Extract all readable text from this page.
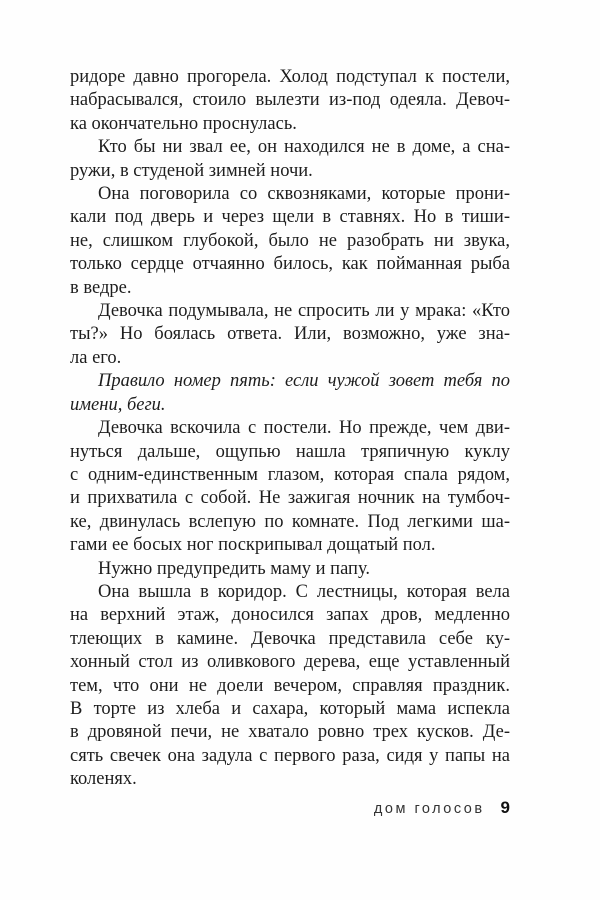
ридоре давно прогорела. Холод подступал к постели,
набрасывался, стоило вылезти из-под одеяла. Девоч-
ка окончательно проснулась.
Кто бы ни звал ее, он находился не в доме, а сна-
ружи, в студеной зимней ночи.
Она поговорила со сквозняками, которые прони-
кали под дверь и через щели в ставнях. Но в тиши-
не, слишком глубокой, было не разобрать ни звука,
только сердце отчаянно билось, как пойманная рыба
в ведре.
Девочка подумывала, не спросить ли у мрака: «Кто
ты?» Но боялась ответа. Или, возможно, уже зна-
ла его.
Правило номер пять: если чужой зовет тебя по
имени, беги.
Девочка вскочила с постели. Но прежде, чем дви-
нуться дальше, ощупью нашла тряпичную куклу
с одним-единственным глазом, которая спала рядом,
и прихватила с собой. Не зажигая ночник на тумбоч-
ке, двинулась вслепую по комнате. Под легкими ша-
гами ее босых ног поскрипывал дощатый пол.
Нужно предупредить маму и папу.
Она вышла в коридор. С лестницы, которая вела
на верхний этаж, доносился запах дров, медленно
тлеющих в камине. Девочка представила себе ку-
хонный стол из оливкового дерева, еще уставленный
тем, что они не доели вечером, справляя праздник.
В торте из хлеба и сахара, который мама испекла
в дровяной печи, не хватало ровно трех кусков. Де-
сять свечек она задула с первого раза, сидя у папы на
коленях.
дом голосов 9
